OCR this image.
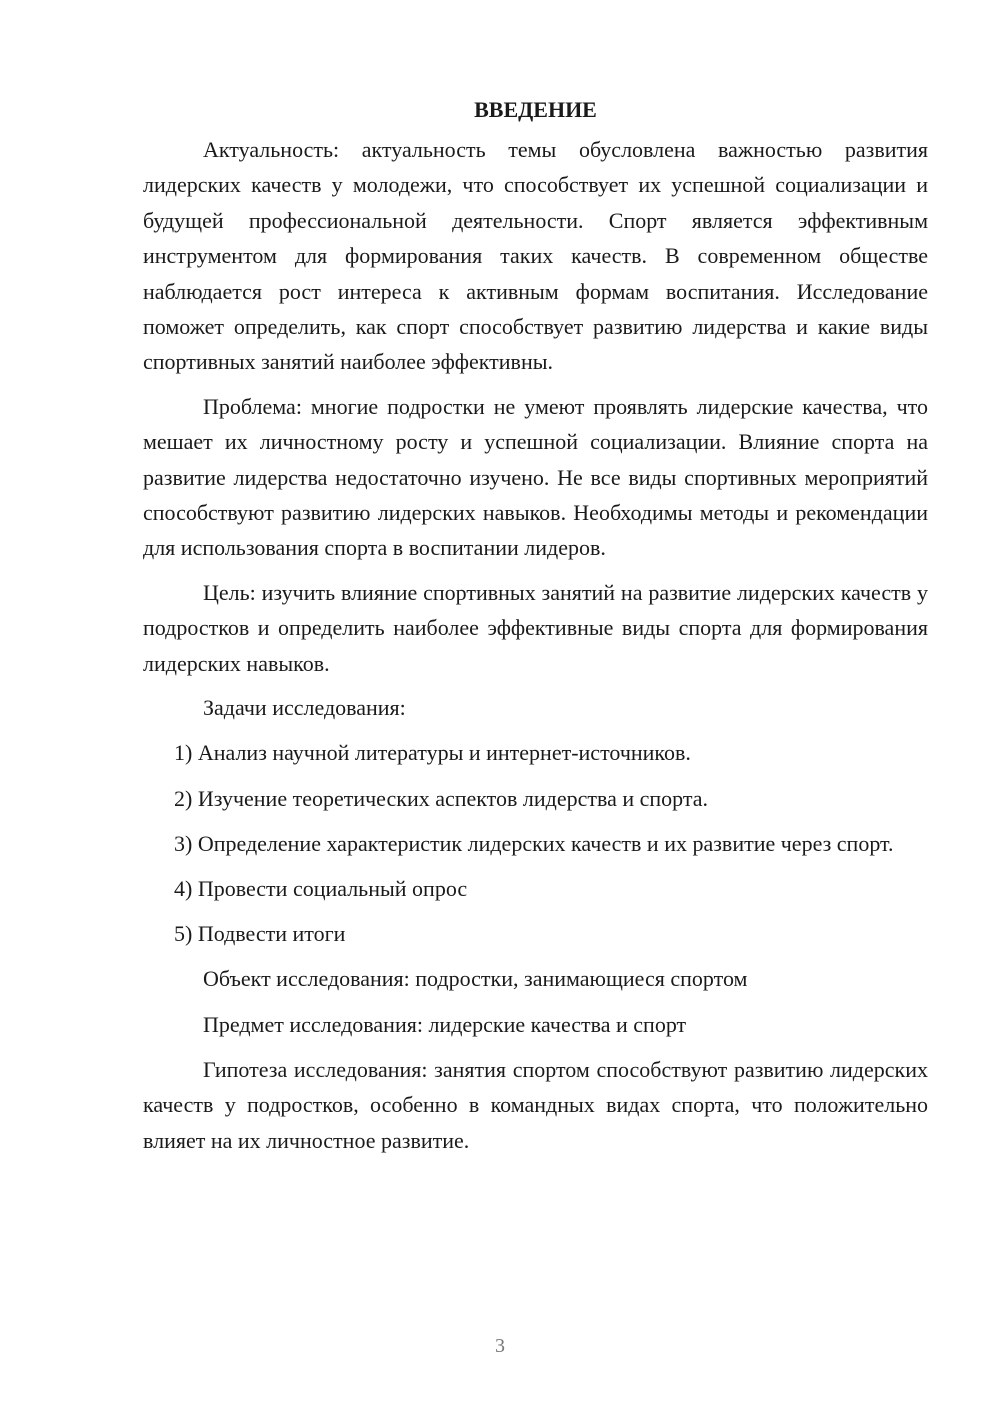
ВВЕДЕНИЕ

Актуальность: актуальность темы обусловлена важностью развития лидерских качеств у молодежи, что способствует их успешной социализации и будущей профессиональной деятельности. Спорт является эффективным инструментом для формирования таких качеств. В современном обществе наблюдается рост интереса к активным формам воспитания. Исследование поможет определить, как спорт способствует развитию лидерства и какие виды спортивных занятий наиболее эффективны.

Проблема: многие подростки не умеют проявлять лидерские качества, что мешает их личностному росту и успешной социализации. Влияние спорта на развитие лидерства недостаточно изучено. Не все виды спортивных мероприятий способствуют развитию лидерских навыков. Необходимы методы и рекомендации для использования спорта в воспитании лидеров.

Цель: изучить влияние спортивных занятий на развитие лидерских качеств у подростков и определить наиболее эффективные виды спорта для формирования лидерских навыков.

Задачи исследования:

1) Анализ научной литературы и интернет-источников.

2) Изучение теоретических аспектов лидерства и спорта.

3) Определение характеристик лидерских качеств и их развитие через спорт.

4) Провести социальный опрос

5) Подвести итоги

Объект исследования: подростки, занимающиеся спортом

Предмет исследования: лидерские качества и спорт

Гипотеза исследования: занятия спортом способствуют развитию лидерских качеств у подростков, особенно в командных видах спорта, что положительно влияет на их личностное развитие.

3
